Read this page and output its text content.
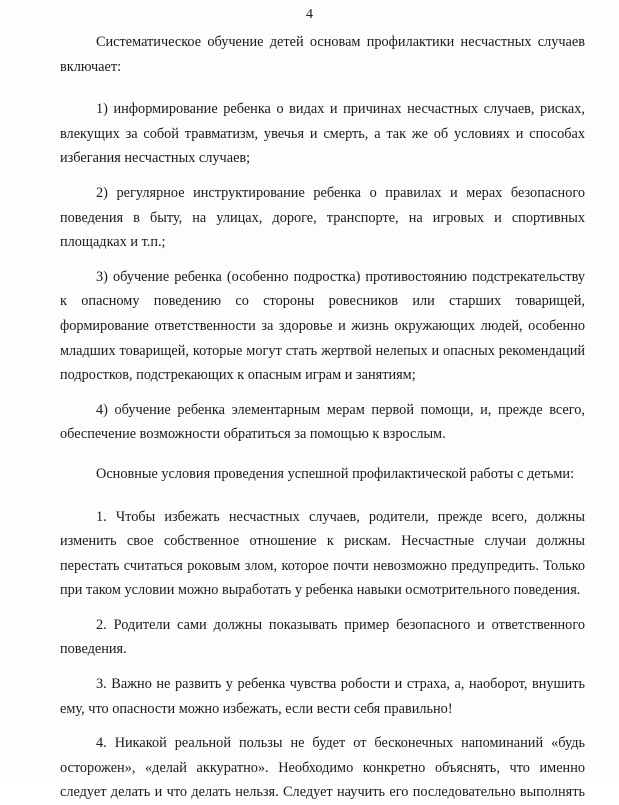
4

Систематическое обучение детей основам профилактики несчастных случаев включает:

1) информирование ребенка о видах и причинах несчастных случаев, рисках, влекущих за собой травматизм, увечья и смерть, а так же об условиях и способах избегания несчастных случаев;

2) регулярное инструктирование ребенка о правилах и мерах безопасного поведения в быту, на улицах, дороге, транспорте, на игровых и спортивных площадках и т.п.;

3) обучение ребенка (особенно подростка) противостоянию подстрекательству к опасному поведению со стороны ровесников или старших товарищей, формирование ответственности за здоровье и жизнь окружающих людей, особенно младших товарищей, которые могут стать жертвой нелепых и опасных рекомендаций подростков, подстрекающих к опасным играм и занятиям;

4) обучение ребенка элементарным мерам первой помощи, и, прежде всего, обеспечение возможности обратиться за помощью к взрослым.

Основные условия проведения успешной профилактической работы с детьми:

1. Чтобы избежать несчастных случаев, родители, прежде всего, должны изменить свое собственное отношение к рискам. Несчастные случаи должны перестать считаться роковым злом, которое почти невозможно предупредить. Только при таком условии можно выработать у ребенка навыки осмотрительного поведения.

2. Родители сами должны показывать пример безопасного и ответственного поведения.

3. Важно не развить у ребенка чувства робости и страха, а, наоборот, внушить ему, что опасности можно избежать, если вести себя правильно!

4. Никакой реальной пользы не будет от бесконечных напоминаний «будь осторожен», «делай аккуратно». Необходимо конкретно объяснять, что именно следует делать и что делать нельзя. Следует научить его последовательно выполнять
